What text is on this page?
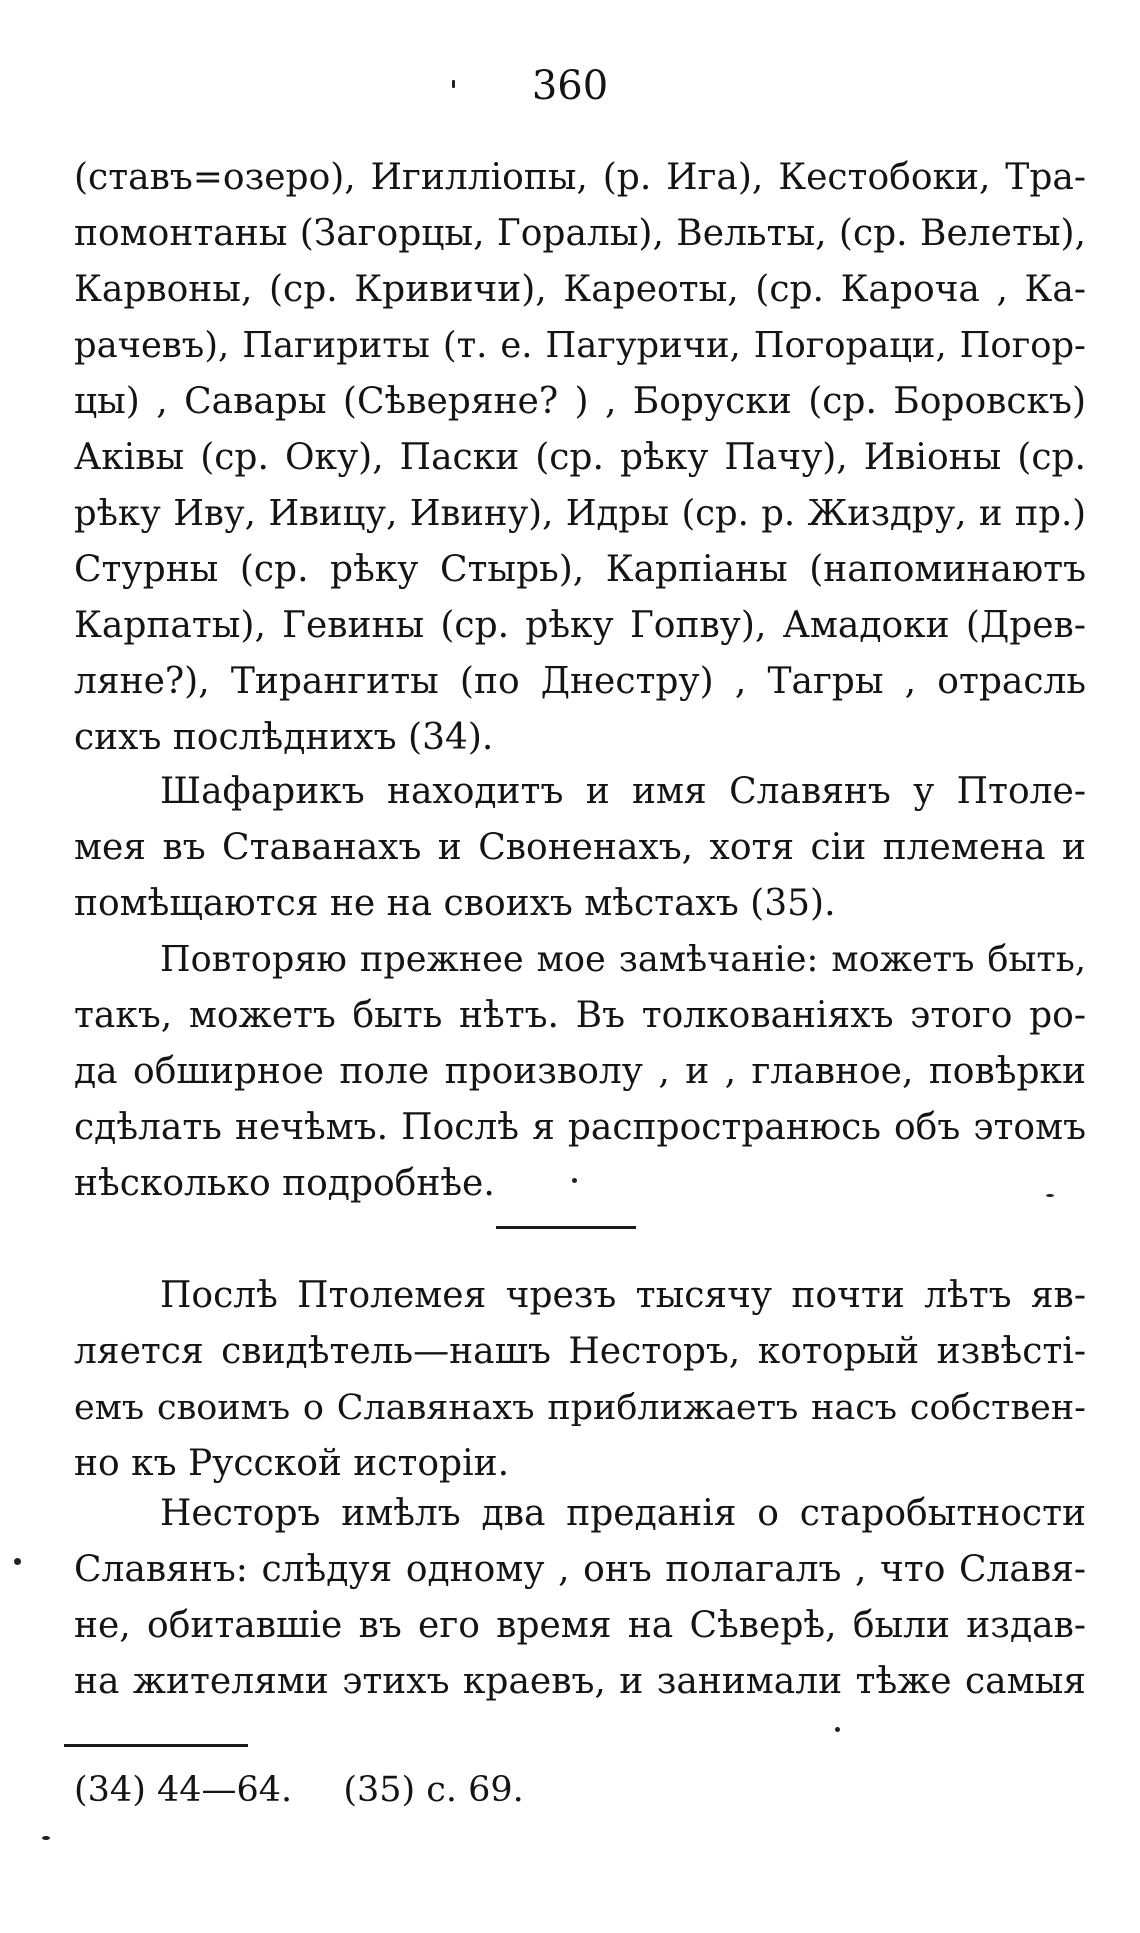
360
(ставъ=озеро), Игиллiопы, (р. Ига), Кестобоки, Тра-
помонтаны (Загорцы, Горалы), Вельты, (ср. Велеты),
Карвоны, (ср. Кривичи), Кареоты, (ср. Кароча , Ка-
рачевъ), Пагириты (т. е. Пагуричи, Погораци, Погор-
цы) , Савары (Сѣверяне? ) , Боруски (ср. Боровскъ)
Акiвы (ср. Оку), Паски (ср. рѣку Пачу), Ивiоны (ср.
рѣку Иву, Ивицу, Ивину), Идры (ср. р. Жиздру, и пр.)
Стурны (ср. рѣку Стырь), Карпiаны (напоминаютъ
Карпаты), Гевины (ср. рѣку Гопву), Амадоки (Древ-
ляне?), Тирангиты (по Днестру) , Тагры , отрасль
сихъ послѣднихъ (34).
Шафарикъ находитъ и имя Славянъ у Птоле-
мея въ Ставанахъ и Своненахъ, хотя сiи племена и
помѣщаются не на своихъ мѣстахъ (35).
Повторяю прежнее мое замѣчанiе: можетъ быть,
такъ, можетъ быть нѣтъ. Въ толкованiяхъ этого ро-
да обширное поле произволу , и , главное, повѣрки
сдѣлать нечѣмъ. Послѣ я распространюсь объ этомъ
нѣсколько подробнѣе.
Послѣ Птолемея чрезъ тысячу почти лѣтъ яв-
ляется свидѣтель—нашъ Несторъ, который извѣстi-
емъ своимъ о Славянахъ приближаетъ насъ собствен-
но къ Русской исторiи.
Несторъ имѣлъ два преданiя о старобытности
Славянъ: слѣдуя одному , онъ полагалъ , что Славя-
не, обитавшiе въ его время на Сѣверѣ, были издав-
на жителями этихъ краевъ, и занимали тѣже самыя
(34) 44—64. (35) с. 69.
